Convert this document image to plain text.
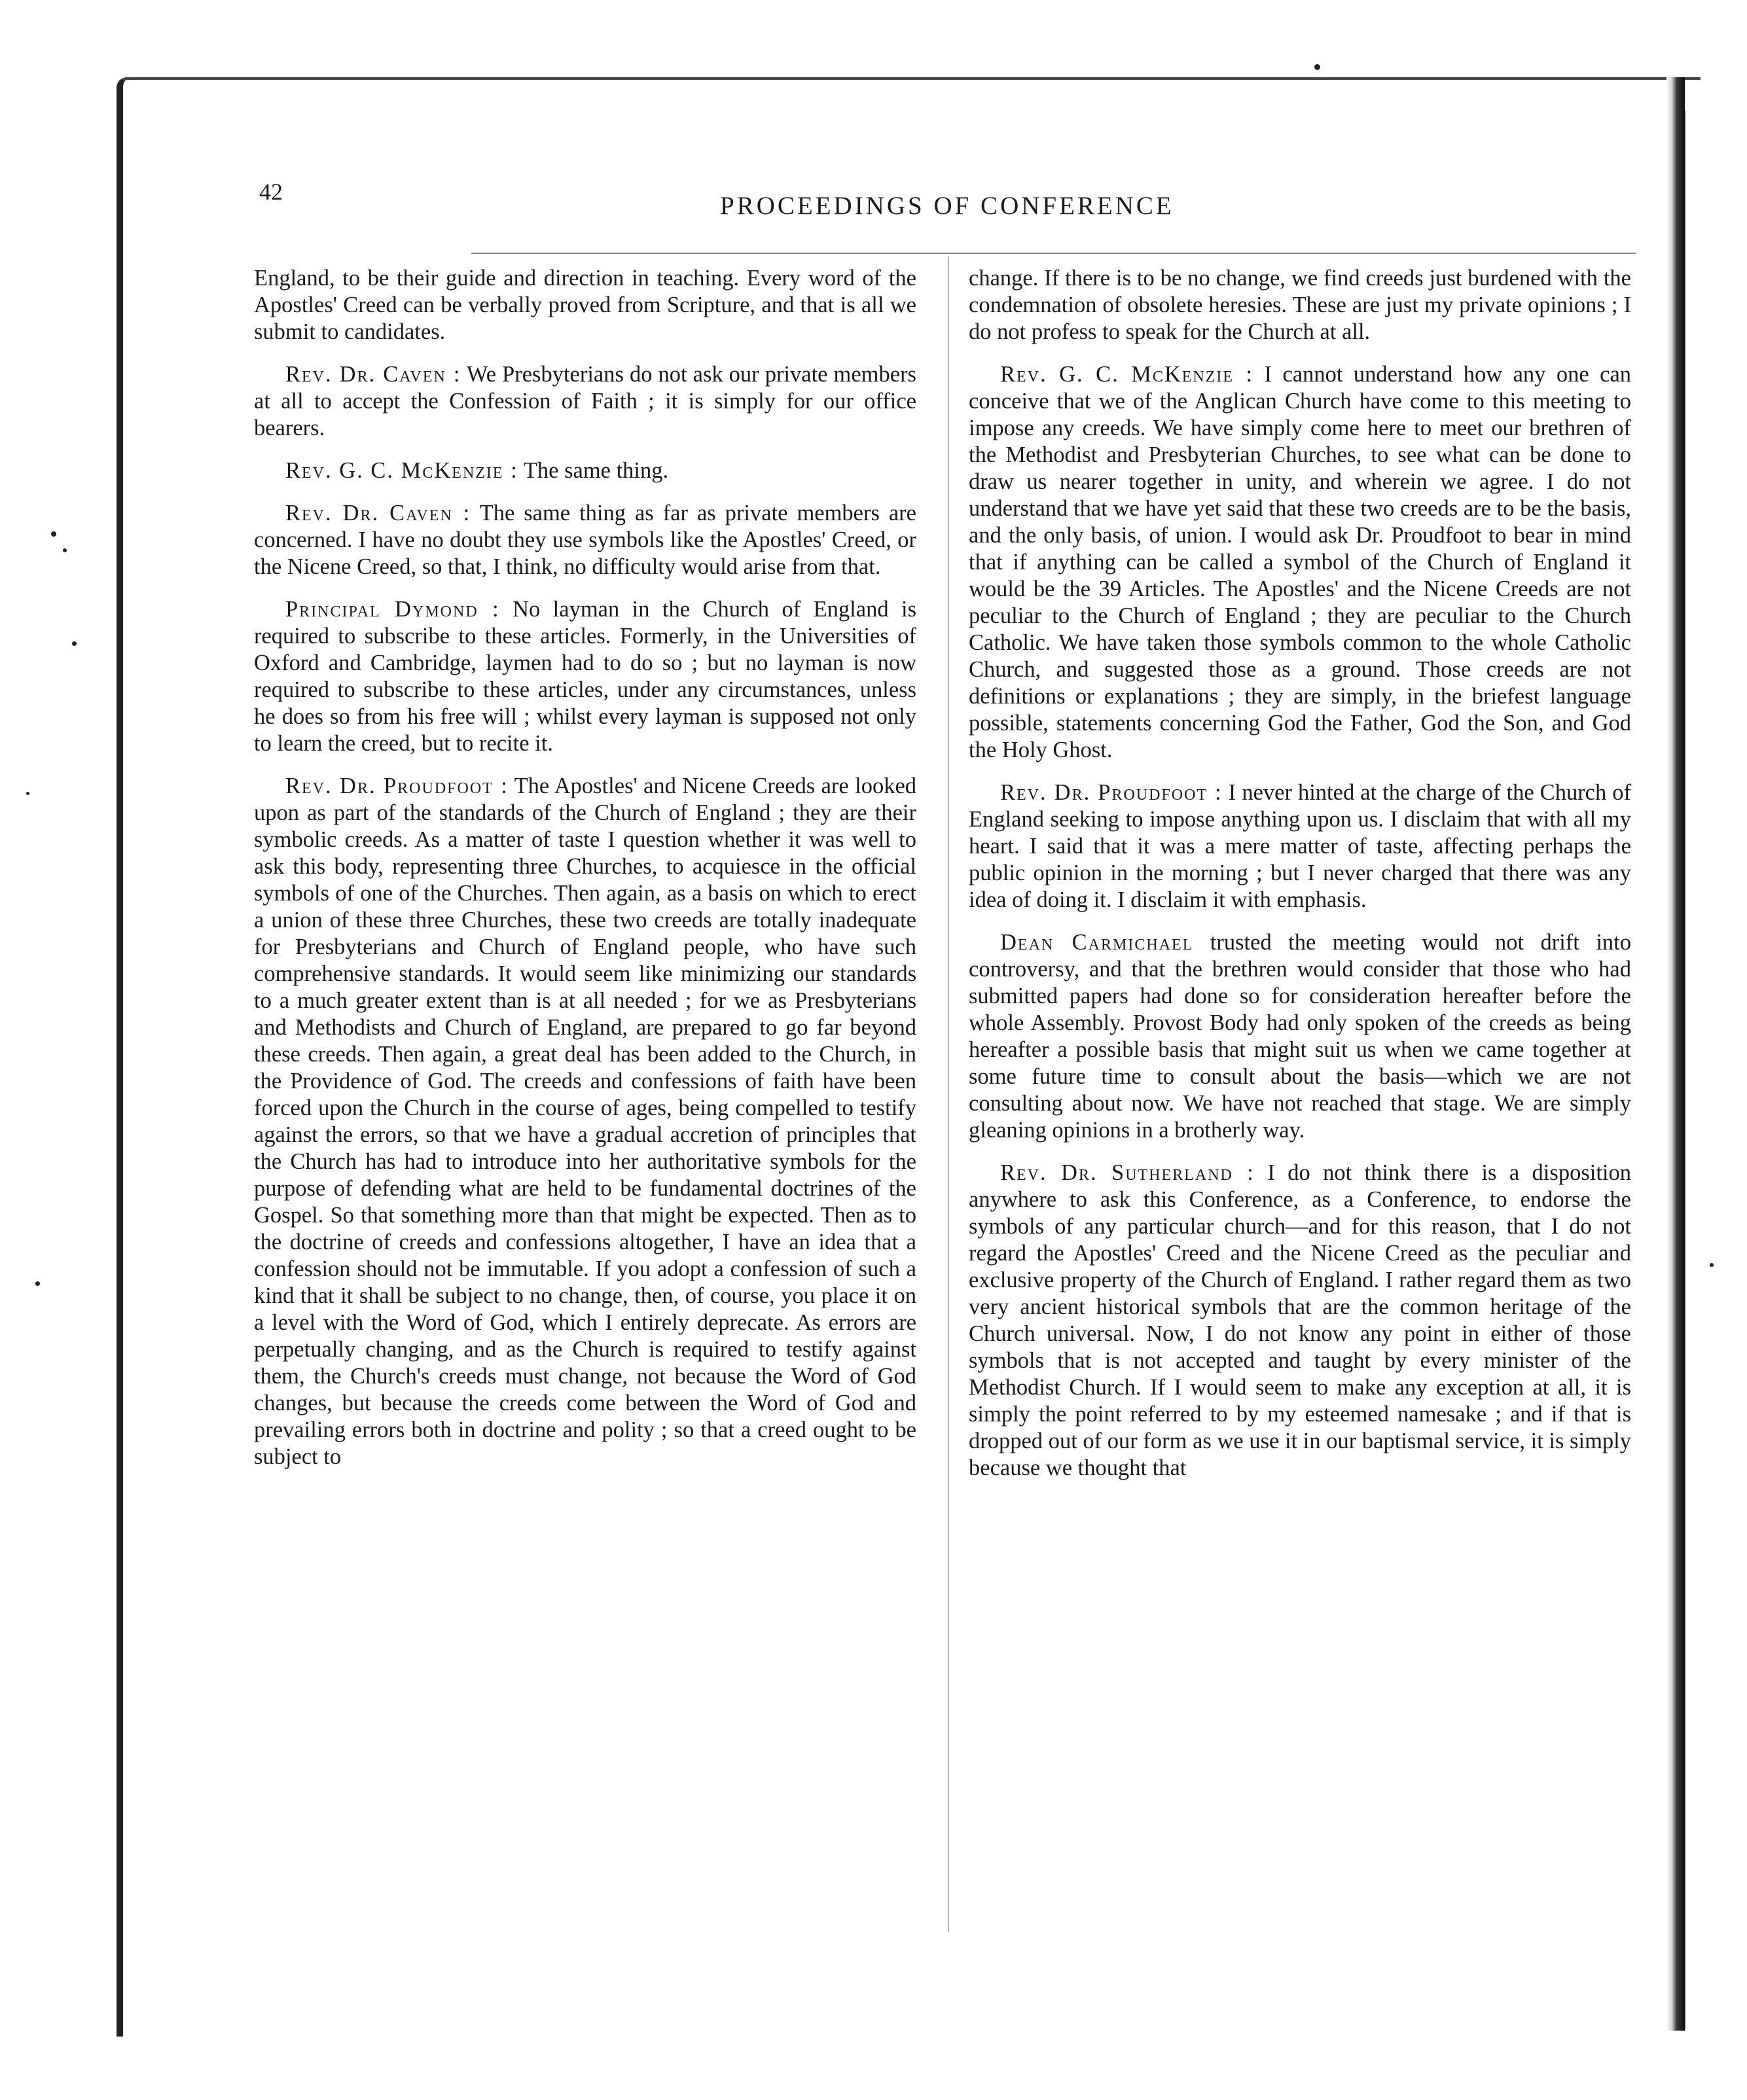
42	PROCEEDINGS OF CONFERENCE

England, to be their guide and direction in teaching. Every word of the Apostles' Creed can be verbally proved from Scripture, and that is all we submit to candidates.

Rev. Dr. Caven : We Presbyterians do not ask our private members at all to accept the Confession of Faith ; it is simply for our office bearers.

Rev. G. C. McKenzie : The same thing.

Rev. Dr. Caven : The same thing as far as private members are concerned. I have no doubt they use symbols like the Apostles' Creed, or the Nicene Creed, so that, I think, no difficulty would arise from that.

Principal Dymond : No layman in the Church of England is required to subscribe to these articles. Formerly, in the Universities of Oxford and Cambridge, laymen had to do so ; but no layman is now required to subscribe to these articles, under any circumstances, unless he does so from his free will ; whilst every layman is supposed not only to learn the creed, but to recite it.

Rev. Dr. Proudfoot : The Apostles' and Nicene Creeds are looked upon as part of the standards of the Church of England ; they are their symbolic creeds. As a matter of taste I question whether it was well to ask this body, representing three Churches, to acquiesce in the official symbols of one of the Churches. Then again, as a basis on which to erect a union of these three Churches, these two creeds are totally inadequate for Presbyterians and Church of England people, who have such comprehensive standards. It would seem like minimizing our standards to a much greater extent than is at all needed ; for we as Presbyterians and Methodists and Church of England, are prepared to go far beyond these creeds. Then again, a great deal has been added to the Church, in the Providence of God. The creeds and confessions of faith have been forced upon the Church in the course of ages, being compelled to testify against the errors, so that we have a gradual accretion of principles that the Church has had to introduce into her authoritative symbols for the purpose of defending what are held to be fundamental doctrines of the Gospel. So that something more than that might be expected. Then as to the doctrine of creeds and confessions altogether, I have an idea that a confession should not be immutable. If you adopt a confession of such a kind that it shall be subject to no change, then, of course, you place it on a level with the Word of God, which I entirely deprecate. As errors are perpetually changing, and as the Church is required to testify against them, the Church's creeds must change, not because the Word of God changes, but because the creeds come between the Word of God and prevailing errors both in doctrine and polity ; so that a creed ought to be subject to

change. If there is to be no change, we find creeds just burdened with the condemnation of obsolete heresies. These are just my private opinions ; I do not profess to speak for the Church at all.

Rev. G. C. McKenzie : I cannot understand how any one can conceive that we of the Anglican Church have come to this meeting to impose any creeds. We have simply come here to meet our brethren of the Methodist and Presbyterian Churches, to see what can be done to draw us nearer together in unity, and wherein we agree. I do not understand that we have yet said that these two creeds are to be the basis, and the only basis, of union. I would ask Dr. Proudfoot to bear in mind that if anything can be called a symbol of the Church of England it would be the 39 Articles. The Apostles' and the Nicene Creeds are not peculiar to the Church of England ; they are peculiar to the Church Catholic. We have taken those symbols common to the whole Catholic Church, and suggested those as a ground. Those creeds are not definitions or explanations ; they are simply, in the briefest language possible, statements concerning God the Father, God the Son, and God the Holy Ghost.

Rev. Dr. Proudfoot : I never hinted at the charge of the Church of England seeking to impose anything upon us. I disclaim that with all my heart. I said that it was a mere matter of taste, affecting perhaps the public opinion in the morning ; but I never charged that there was any idea of doing it. I disclaim it with emphasis.

Dean Carmichael trusted the meeting would not drift into controversy, and that the brethren would consider that those who had submitted papers had done so for consideration hereafter before the whole Assembly. Provost Body had only spoken of the creeds as being hereafter a possible basis that might suit us when we came together at some future time to consult about the basis—which we are not consulting about now. We have not reached that stage. We are simply gleaning opinions in a brotherly way.

Rev. Dr. Sutherland : I do not think there is a disposition anywhere to ask this Conference, as a Conference, to endorse the symbols of any particular church—and for this reason, that I do not regard the Apostles' Creed and the Nicene Creed as the peculiar and exclusive property of the Church of England. I rather regard them as two very ancient historical symbols that are the common heritage of the Church universal. Now, I do not know any point in either of those symbols that is not accepted and taught by every minister of the Methodist Church. If I would seem to make any exception at all, it is simply the point referred to by my esteemed namesake ; and if that is dropped out of our form as we use it in our baptismal service, it is simply because we thought that
